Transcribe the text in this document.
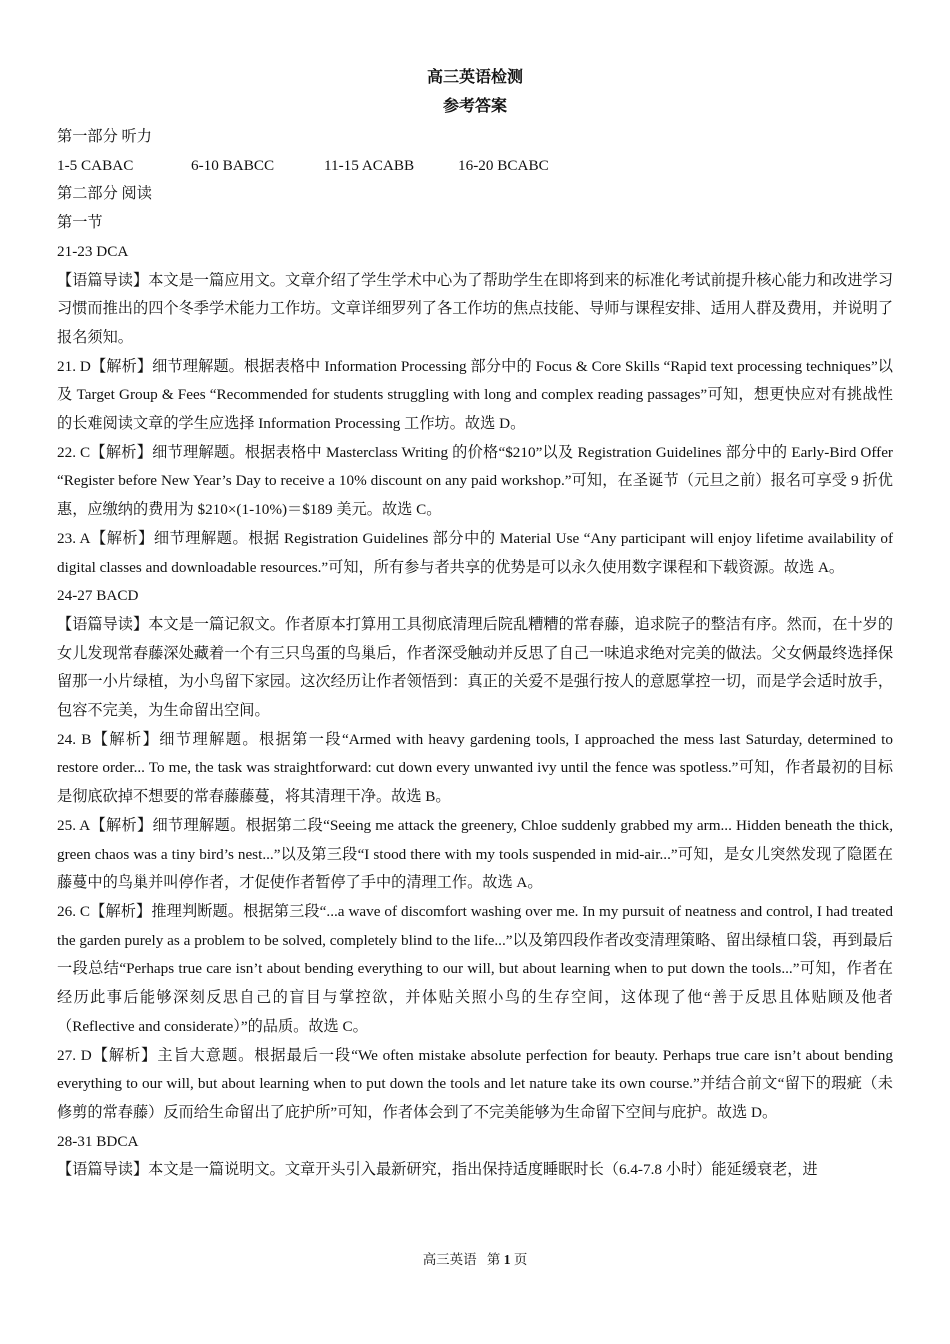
高三英语检测
参考答案

第一部分 听力

1-5 CABAC	6-10 BABCC	11-15 ACABB	16-20 BCABC

第二部分 阅读

第一节

21-23 DCA

【语篇导读】本文是一篇应用文。文章介绍了学生学术中心为了帮助学生在即将到来的标准化考试前提升核心能力和改进学习习惯而推出的四个冬季学术能力工作坊。文章详细罗列了各工作坊的焦点技能、导师与课程安排、适用人群及费用，并说明了报名须知。

21. D【解析】细节理解题。根据表格中 Information Processing 部分中的 Focus & Core Skills “Rapid text processing techniques”以及 Target Group & Fees “Recommended for students struggling with long and complex reading passages”可知，想更快应对有挑战性的长难阅读文章的学生应选择 Information Processing 工作坊。故选 D。

22. C【解析】细节理解题。根据表格中 Masterclass Writing 的价格“$210”以及 Registration Guidelines 部分中的 Early-Bird Offer “Register before New Year’s Day to receive a 10% discount on any paid workshop.”可知，在圣诞节（元旦之前）报名可享受 9 折优惠，应缴纳的费用为 $210×(1-10%)＝$189 美元。故选 C。

23. A【解析】细节理解题。根据 Registration Guidelines 部分中的 Material Use “Any participant will enjoy lifetime availability of digital classes and downloadable resources.”可知，所有参与者共享的优势是可以永久使用数字课程和下载资源。故选 A。

24-27 BACD

【语篇导读】本文是一篇记叙文。作者原本打算用工具彻底清理后院乱糟糟的常春藤，追求院子的整洁有序。然而，在十岁的女儿发现常春藤深处藏着一个有三只鸟蛋的鸟巢后，作者深受触动并反思了自己一味追求绝对完美的做法。父女俩最终选择保留那一小片绿植，为小鸟留下家园。这次经历让作者领悟到：真正的关爱不是强行按人的意愿掌控一切，而是学会适时放手，包容不完美，为生命留出空间。

24. B【解析】细节理解题。根据第一段“Armed with heavy gardening tools, I approached the mess last Saturday, determined to restore order... To me, the task was straightforward: cut down every unwanted ivy until the fence was spotless.”可知，作者最初的目标是彻底砍掉不想要的常春藤藤蔓，将其清理干净。故选 B。

25. A【解析】细节理解题。根据第二段“Seeing me attack the greenery, Chloe suddenly grabbed my arm... Hidden beneath the thick, green chaos was a tiny bird’s nest...”以及第三段“I stood there with my tools suspended in mid-air...”可知，是女儿突然发现了隐匿在藤蔓中的鸟巢并叫停作者，才促使作者暂停了手中的清理工作。故选 A。

26. C【解析】推理判断题。根据第三段“...a wave of discomfort washing over me. In my pursuit of neatness and control, I had treated the garden purely as a problem to be solved, completely blind to the life...”以及第四段作者改变清理策略、留出绿植口袋，再到最后一段总结“Perhaps true care isn’t about bending everything to our will, but about learning when to put down the tools...”可知，作者在经历此事后能够深刻反思自己的盲目与掌控欲，并体贴关照小鸟的生存空间，这体现了他“善于反思且体贴顾及他者（Reflective and considerate）”的品质。故选 C。

27. D【解析】主旨大意题。根据最后一段“We often mistake absolute perfection for beauty. Perhaps true care isn’t about bending everything to our will, but about learning when to put down the tools and let nature take its own course.”并结合前文“留下的瑕疵（未修剪的常春藤）反而给生命留出了庇护所”可知，作者体会到了不完美能够为生命留下空间与庇护。故选 D。

28-31 BDCA

【语篇导读】本文是一篇说明文。文章开头引入最新研究，指出保持适度睡眠时长（6.4-7.8 小时）能延缓衰老，进

高三英语 第 1 页
